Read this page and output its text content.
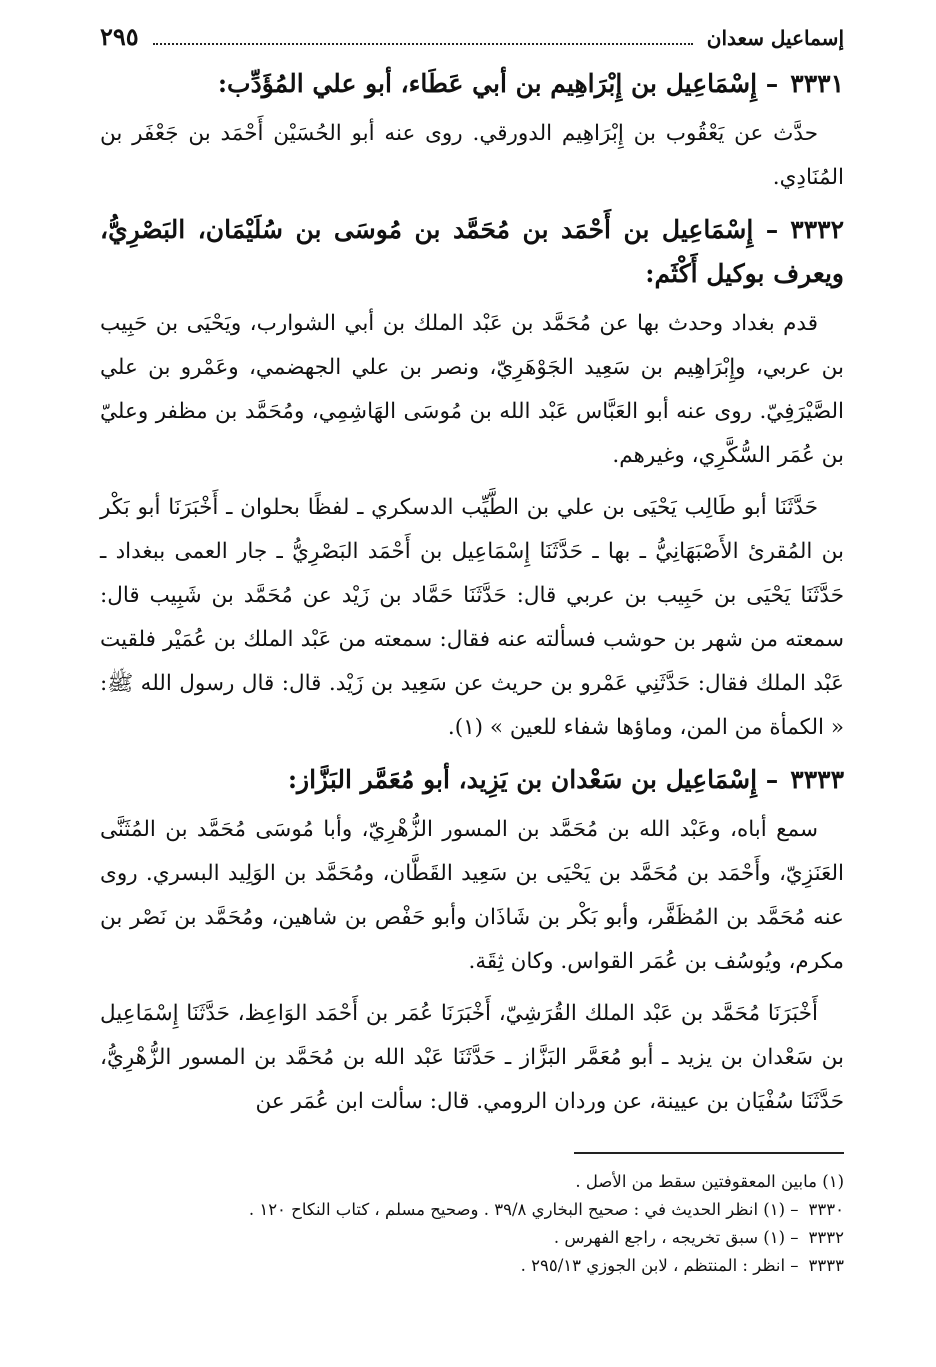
إسماعيل سعدان
٢٩٥
٣٣٣١– إِسْمَاعِيل بن إِبْرَاهِيم بن أبي عَطَاء، أبو علي المُؤَدِّب:

حدَّث عن يَعْقُوب بن إِبْرَاهِيم الدورقي. روى عنه أبو الحُسَيْن أَحْمَد بن جَعْفَر بن المُنَادِي.

٣٣٣٢– إِسْمَاعِيل بن أَحْمَد بن مُحَمَّد بن مُوسَى بن سُلَيْمَان، البَصْرِيُّ، ويعرف بوكيل أَكْثَم:

قدم بغداد وحدث بها عن مُحَمَّد بن عَبْد الملك بن أبي الشوارب، ويَحْيَى بن حَبِيب بن عربي، وإِبْرَاهِيم بن سَعِيد الجَوْهَرِيّ، ونصر بن علي الجهضمي، وعَمْرو بن علي الصَّيْرَفِيّ. روى عنه أبو العَبَّاس عَبْد الله بن مُوسَى الهَاشِمِي، ومُحَمَّد بن مظفر وعليّ بن عُمَر السُّكَّرِي، وغيرهم.

حَدَّثَنَا أبو طَالِب يَحْيَى بن علي بن الطَّيِّب الدسكري ـ لفظًا بحلوان ـ أَخْبَرَنَا أبو بَكْر بن المُقرئ الأَصْبَهَانِيُّ ـ بها ـ حَدَّثَنَا إِسْمَاعِيل بن أَحْمَد البَصْرِيُّ ـ جار العمى ببغداد ـ حَدَّثَنَا يَحْيَى بن حَبِيب بن عربي قال: حَدَّثَنَا حَمَّاد بن زَيْد عن مُحَمَّد بن شَبِيب قال: سمعته من شهر بن حوشب فسألته عنه فقال: سمعته من عَبْد الملك بن عُمَيْر فلقيت عَبْد الملك فقال: حَدَّثَنِي عَمْرو بن حريث عن سَعِيد بن زَيْد. قال: قال رسول الله ﷺ: « الكمأة من المن، وماؤها شفاء للعين » (١).

٣٣٣٣– إِسْمَاعِيل بن سَعْدان بن يَزِيد، أبو مُعَمَّر البَزَّاز:

سمع أباه، وعَبْد الله بن مُحَمَّد بن المسور الزُّهْرِيّ، وأبا مُوسَى مُحَمَّد بن المُثَنَّى العَنَزِيّ، وأَحْمَد بن مُحَمَّد بن يَحْيَى بن سَعِيد القَطَّان، ومُحَمَّد بن الوَلِيد البسري. روى عنه مُحَمَّد بن المُظَفَّر، وأبو بَكْر بن شَاذَان وأبو حَفْص بن شاهين، ومُحَمَّد بن نَصْر بن مكرم، ويُوسُف بن عُمَر القواس. وكان ثِقَة.

أَخْبَرَنَا مُحَمَّد بن عَبْد الملك القُرَشِيّ، أَخْبَرَنَا عُمَر بن أَحْمَد الوَاعِظ، حَدَّثَنَا إِسْمَاعِيل بن سَعْدان بن يزيد ـ أبو مُعَمَّر البَزَّاز ـ حَدَّثَنَا عَبْد الله بن مُحَمَّد بن المسور الزُّهْرِيُّ، حَدَّثَنَا سُفْيَان بن عيينة، عن وردان الرومي. قال: سألت ابن عُمَر عن

(١) مابين المعقوفتين سقط من الأصل .

٣٣٣٠– (١) انظر الحديث في : صحيح البخاري ٣٩/٨ . وصحيح مسلم ، كتاب النكاح ١٢٠ .

٣٣٣٢– (١) سبق تخريجه ، راجع الفهرس .

٣٣٣٣– انظر : المنتظم ، لابن الجوزي ٢٩٥/١٣ .
